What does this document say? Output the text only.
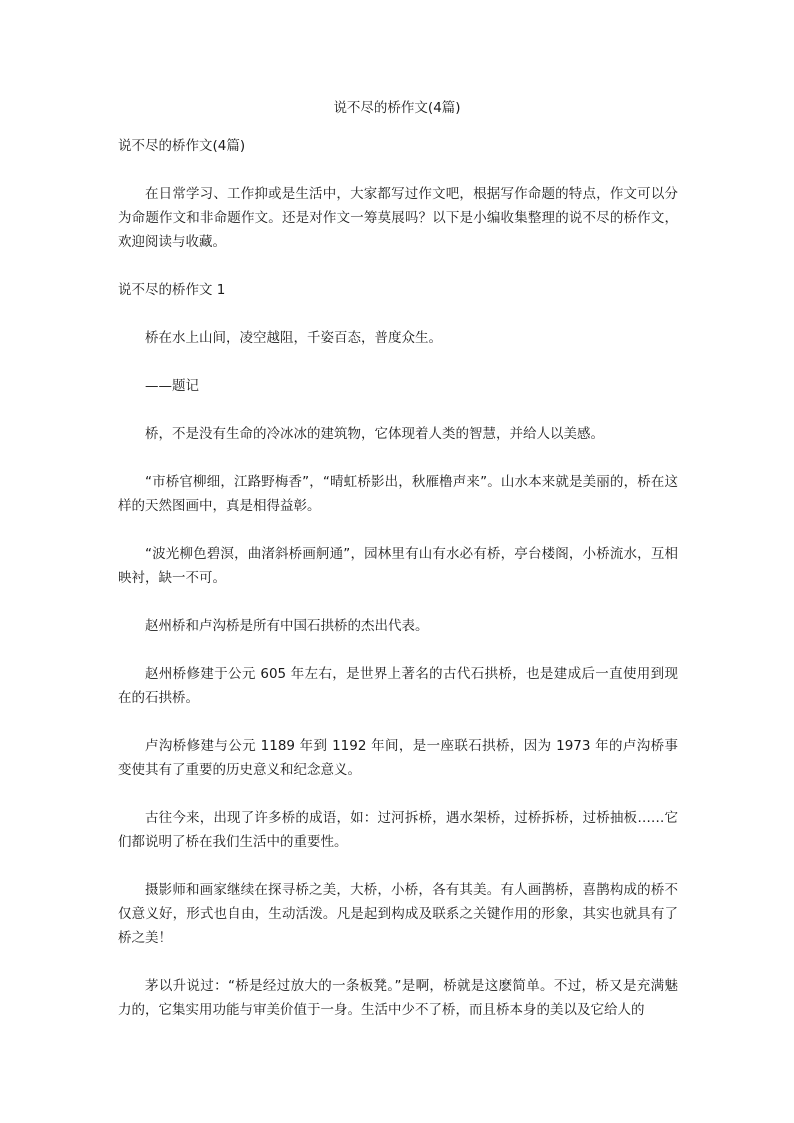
说不尽的桥作文(4篇)

说不尽的桥作文(4篇)

在日常学习、工作抑或是生活中，大家都写过作文吧，根据写作命题的特点，作文可以分为命题作文和非命题作文。还是对作文一筹莫展吗？以下是小编收集整理的说不尽的桥作文，欢迎阅读与收藏。

说不尽的桥作文 1

桥在水上山间，凌空越阻，千姿百态，普度众生。

——题记

桥，不是没有生命的冷冰冰的建筑物，它体现着人类的智慧，并给人以美感。

“市桥官柳细，江路野梅香”，“晴虹桥影出，秋雁橹声来”。山水本来就是美丽的，桥在这样的天然图画中，真是相得益彰。

“波光柳色碧溟，曲渚斜桥画舸通”，园林里有山有水必有桥，亭台楼阁，小桥流水，互相映衬，缺一不可。

赵州桥和卢沟桥是所有中国石拱桥的杰出代表。

赵州桥修建于公元 605 年左右，是世界上著名的古代石拱桥，也是建成后一直使用到现在的石拱桥。

卢沟桥修建与公元 1189 年到 1192 年间，是一座联石拱桥，因为 1973 年的卢沟桥事变使其有了重要的历史意义和纪念意义。

古往今来，出现了许多桥的成语，如：过河拆桥，遇水架桥，过桥拆桥，过桥抽板……它们都说明了桥在我们生活中的重要性。

摄影师和画家继续在探寻桥之美，大桥，小桥，各有其美。有人画鹊桥，喜鹊构成的桥不仅意义好，形式也自由，生动活泼。凡是起到构成及联系之关键作用的形象，其实也就具有了桥之美！

茅以升说过：“桥是经过放大的一条板凳。”是啊，桥就是这麽简单。不过，桥又是充满魅力的，它集实用功能与审美价值于一身。生活中少不了桥，而且桥本身的美以及它给人的
